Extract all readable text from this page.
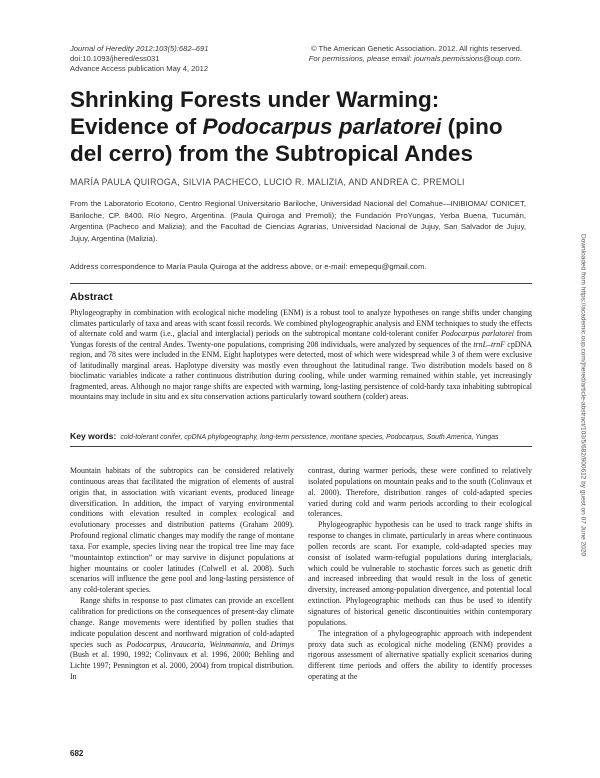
Journal of Heredity 2012:103(5):682–691
doi:10.1093/jhered/ess031
Advance Access publication May 4, 2012
© The American Genetic Association. 2012. All rights reserved.
For permissions, please email: journals.permissions@oup.com.
Shrinking Forests under Warming:
Evidence of Podocarpus parlatorei (pino
del cerro) from the Subtropical Andes
MARÍA PAULA QUIROGA, SILVIA PACHECO, LUCIO R. MALIZIA, AND ANDREA C. PREMOLI
From the Laboratorio Ecotono, Centro Regional Universitario Bariloche, Universidad Nacional del Comahue—INIBIOMA/ CONICET, Bariloche, CP. 8400. Río Negro, Argentina. (Paula Quiroga and Premoli); the Fundación ProYungas, Yerba Buena, Tucumán, Argentina (Pacheco and Malizia); and the Facultad de Ciencias Agrarias, Universidad Nacional de Jujuy, San Salvador de Jujuy, Jujuy, Argentina (Malizia).
Address correspondence to María Paula Quiroga at the address above, or e-mail: emepequ@gmail.com.
Abstract
Phylogeography in combination with ecological niche modeling (ENM) is a robust tool to analyze hypotheses on range shifts under changing climates particularly of taxa and areas with scant fossil records. We combined phylogeographic analysis and ENM techniques to study the effects of alternate cold and warm (i.e., glacial and interglacial) periods on the subtropical montane cold-tolerant conifer Podocarpus parlatorei from Yungas forests of the central Andes. Twenty-one populations, comprising 208 individuals, were analyzed by sequences of the trnL–trnF cpDNA region, and 78 sites were included in the ENM. Eight haplotypes were detected, most of which were widespread while 3 of them were exclusive of latitudinally marginal areas. Haplotype diversity was mostly even throughout the latitudinal range. Two distribution models based on 8 bioclimatic variables indicate a rather continuous distribution during cooling, while under warming remained within stable, yet increasingly fragmented, areas. Although no major range shifts are expected with warming, long-lasting persistence of cold-hardy taxa inhabiting subtropical mountains may include in situ and ex situ conservation actions particularly toward southern (colder) areas.
Key words: cold-tolerant conifer, cpDNA phylogeography, long-term persistence, montane species, Podocarpus, South America, Yungas

Mountain habitats of the subtropics can be considered relatively continuous areas that facilitated the migration of elements of austral origin that, in association with vicariant events, produced lineage diversification. In addition, the impact of varying environmental conditions with elevation resulted in complex ecological and evolutionary processes and distribution patterns (Graham 2009). Profound regional climatic changes may modify the range of montane taxa. For example, species living near the tropical tree line may face “mountaintop extinction” or may survive in disjunct populations at higher mountains or cooler latitudes (Colwell et al. 2008). Such scenarios will influence the gene pool and long-lasting persistence of any cold-tolerant species.

Range shifts in response to past climates can provide an excellent calibration for predictions on the consequences of present-day climate change. Range movements were identified by pollen studies that indicate population descent and northward migration of cold-adapted species such as Podocarpus, Araucaria, Weinmannia, and Drimys (Bush et al. 1990, 1992; Colinvaux et al. 1996, 2000; Behling and Lichte 1997; Pennington et al. 2000, 2004) from tropical distribution. In

contrast, during warmer periods, these were confined to relatively isolated populations on mountain peaks and to the south (Colinvaux et al. 2000). Therefore, distribution ranges of cold-adapted species varied during cold and warm periods according to their ecological tolerances.

Phylogeographic hypothesis can be used to track range shifts in response to changes in climate, particularly in areas where continuous pollen records are scant. For example, cold-adapted species may consist of isolated warm-refugial populations during interglacials, which could be vulnerable to stochastic forces such as genetic drift and increased inbreeding that would result in the loss of genetic diversity, increased among-population divergence, and potential local extinction. Phylogeographic methods can thus be used to identify signatures of historical genetic discontinuities within contemporary populations.

The integration of a phylogeographic approach with independent proxy data such as ecological niche modeling (ENM) provides a rigorous assessment of alternative spatially explicit scenarios during different time periods and offers the ability to identify processes operating at the

Downloaded from https://academic.oup.com/jhered/article-abstract/103/5/682/900612 by guest on 07 June 2020
682
